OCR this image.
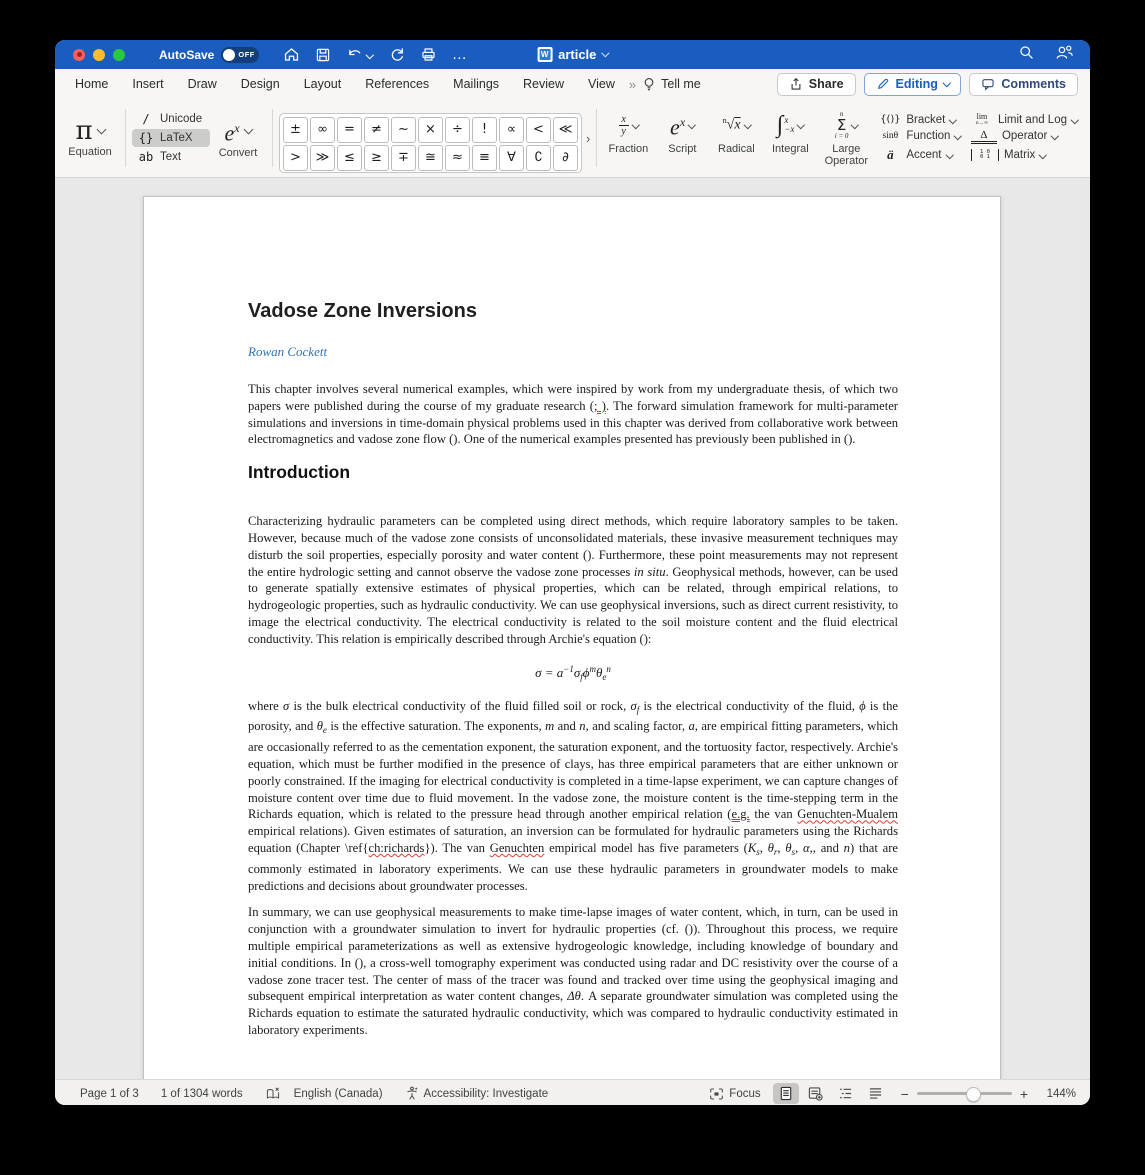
AutoSave	OFF	…	W article
Home	Insert	Draw	Design	Layout	References	Mailings	Review	View	» Tell me	Share	Editing	Comments
π
Equation
/ Unicode
{} LaTeX
ab Text
$e^x$
Convert
±	∞	=	≠	~	×	÷	!	∝	<	≪
>	≫	≤	≥	∓	≅	≈	≡	∀	∁	∂
›
$\frac{x}{y}$
Fraction
$e^x$
Script
$^n$√x
Radical
∫ x
−x
Integral
n
Σ
i = 0
Large Operator
{()} Bracket	lim
n→∞ Limit and Log
sinθ Function	Δ	Operator
ä	Accent	1 0
0 1	Matrix
Vadose Zone Inversions
Rowan Cockett

This chapter involves several numerical examples, which were inspired by work from my undergraduate thesis, of which two papers were published during the course of my graduate research (; ). The forward simulation framework for multi-parameter simulations and inversions in time-domain physical problems used in this chapter was derived from collaborative work between electromagnetics and vadose zone flow (). One of the numerical examples presented has previously been published in ().

Introduction

Characterizing hydraulic parameters can be completed using direct methods, which require laboratory samples to be taken. However, because much of the vadose zone consists of unconsolidated materials, these invasive measurement techniques may disturb the soil properties, especially porosity and water content (). Furthermore, these point measurements may not represent the entire hydrologic setting and cannot observe the vadose zone processes in situ. Geophysical methods, however, can be used to generate spatially extensive estimates of physical properties, which can be related, through empirical relations, to hydrogeologic properties, such as hydraulic conductivity. We can use geophysical inversions, such as direct current resistivity, to image the electrical conductivity. The electrical conductivity is related to the soil moisture content and the fluid electrical conductivity. This relation is empirically described through Archie's equation ():

$\sigma = a^{-1}\sigma_f\phi^m\theta_e^n$

where σ is the bulk electrical conductivity of the fluid filled soil or rock, $\sigma_f$ is the electrical conductivity of the fluid, ϕ is the porosity, and $\theta_e$ is the effective saturation. The exponents, m and n, and scaling factor, a, are empirical fitting parameters, which are occasionally referred to as the cementation exponent, the saturation exponent, and the tortuosity factor, respectively. Archie's equation, which must be further modified in the presence of clays, has three empirical parameters that are either unknown or poorly constrained. If the imaging for electrical conductivity is completed in a time-lapse experiment, we can capture changes of moisture content over time due to fluid movement. In the vadose zone, the moisture content is the time-stepping term in the Richards equation, which is related to the pressure head through another empirical relation (e.g. the van Genuchten-Mualem empirical relations). Given estimates of saturation, an inversion can be formulated for hydraulic parameters using the Richards equation (Chapter \ref{ch:richards}). The van Genuchten empirical model has five parameters ($K_s$, $\theta_r$, $\theta_s$, α,, and n) that are commonly estimated in laboratory experiments. We can use these hydraulic parameters in groundwater models to make predictions and decisions about groundwater processes.

In summary, we can use geophysical measurements to make time-lapse images of water content, which, in turn, can be used in conjunction with a groundwater simulation to invert for hydraulic properties (cf. ()). Throughout this process, we require multiple empirical parameterizations as well as extensive hydrogeologic knowledge, including knowledge of boundary and initial conditions. In (), a cross-well tomography experiment was conducted using radar and DC resistivity over the course of a vadose zone tracer test. The center of mass of the tracer was found and tracked over time using the geophysical imaging and subsequent empirical interpretation as water content changes, Δθ. A separate groundwater simulation was completed using the Richards equation to estimate the saturated hydraulic conductivity, which was compared to hydraulic conductivity estimated in laboratory experiments.

Page 1 of 3 1 of 1304 words	English (Canada)	Accessibility: Investigate	Focus	−	+	144%
